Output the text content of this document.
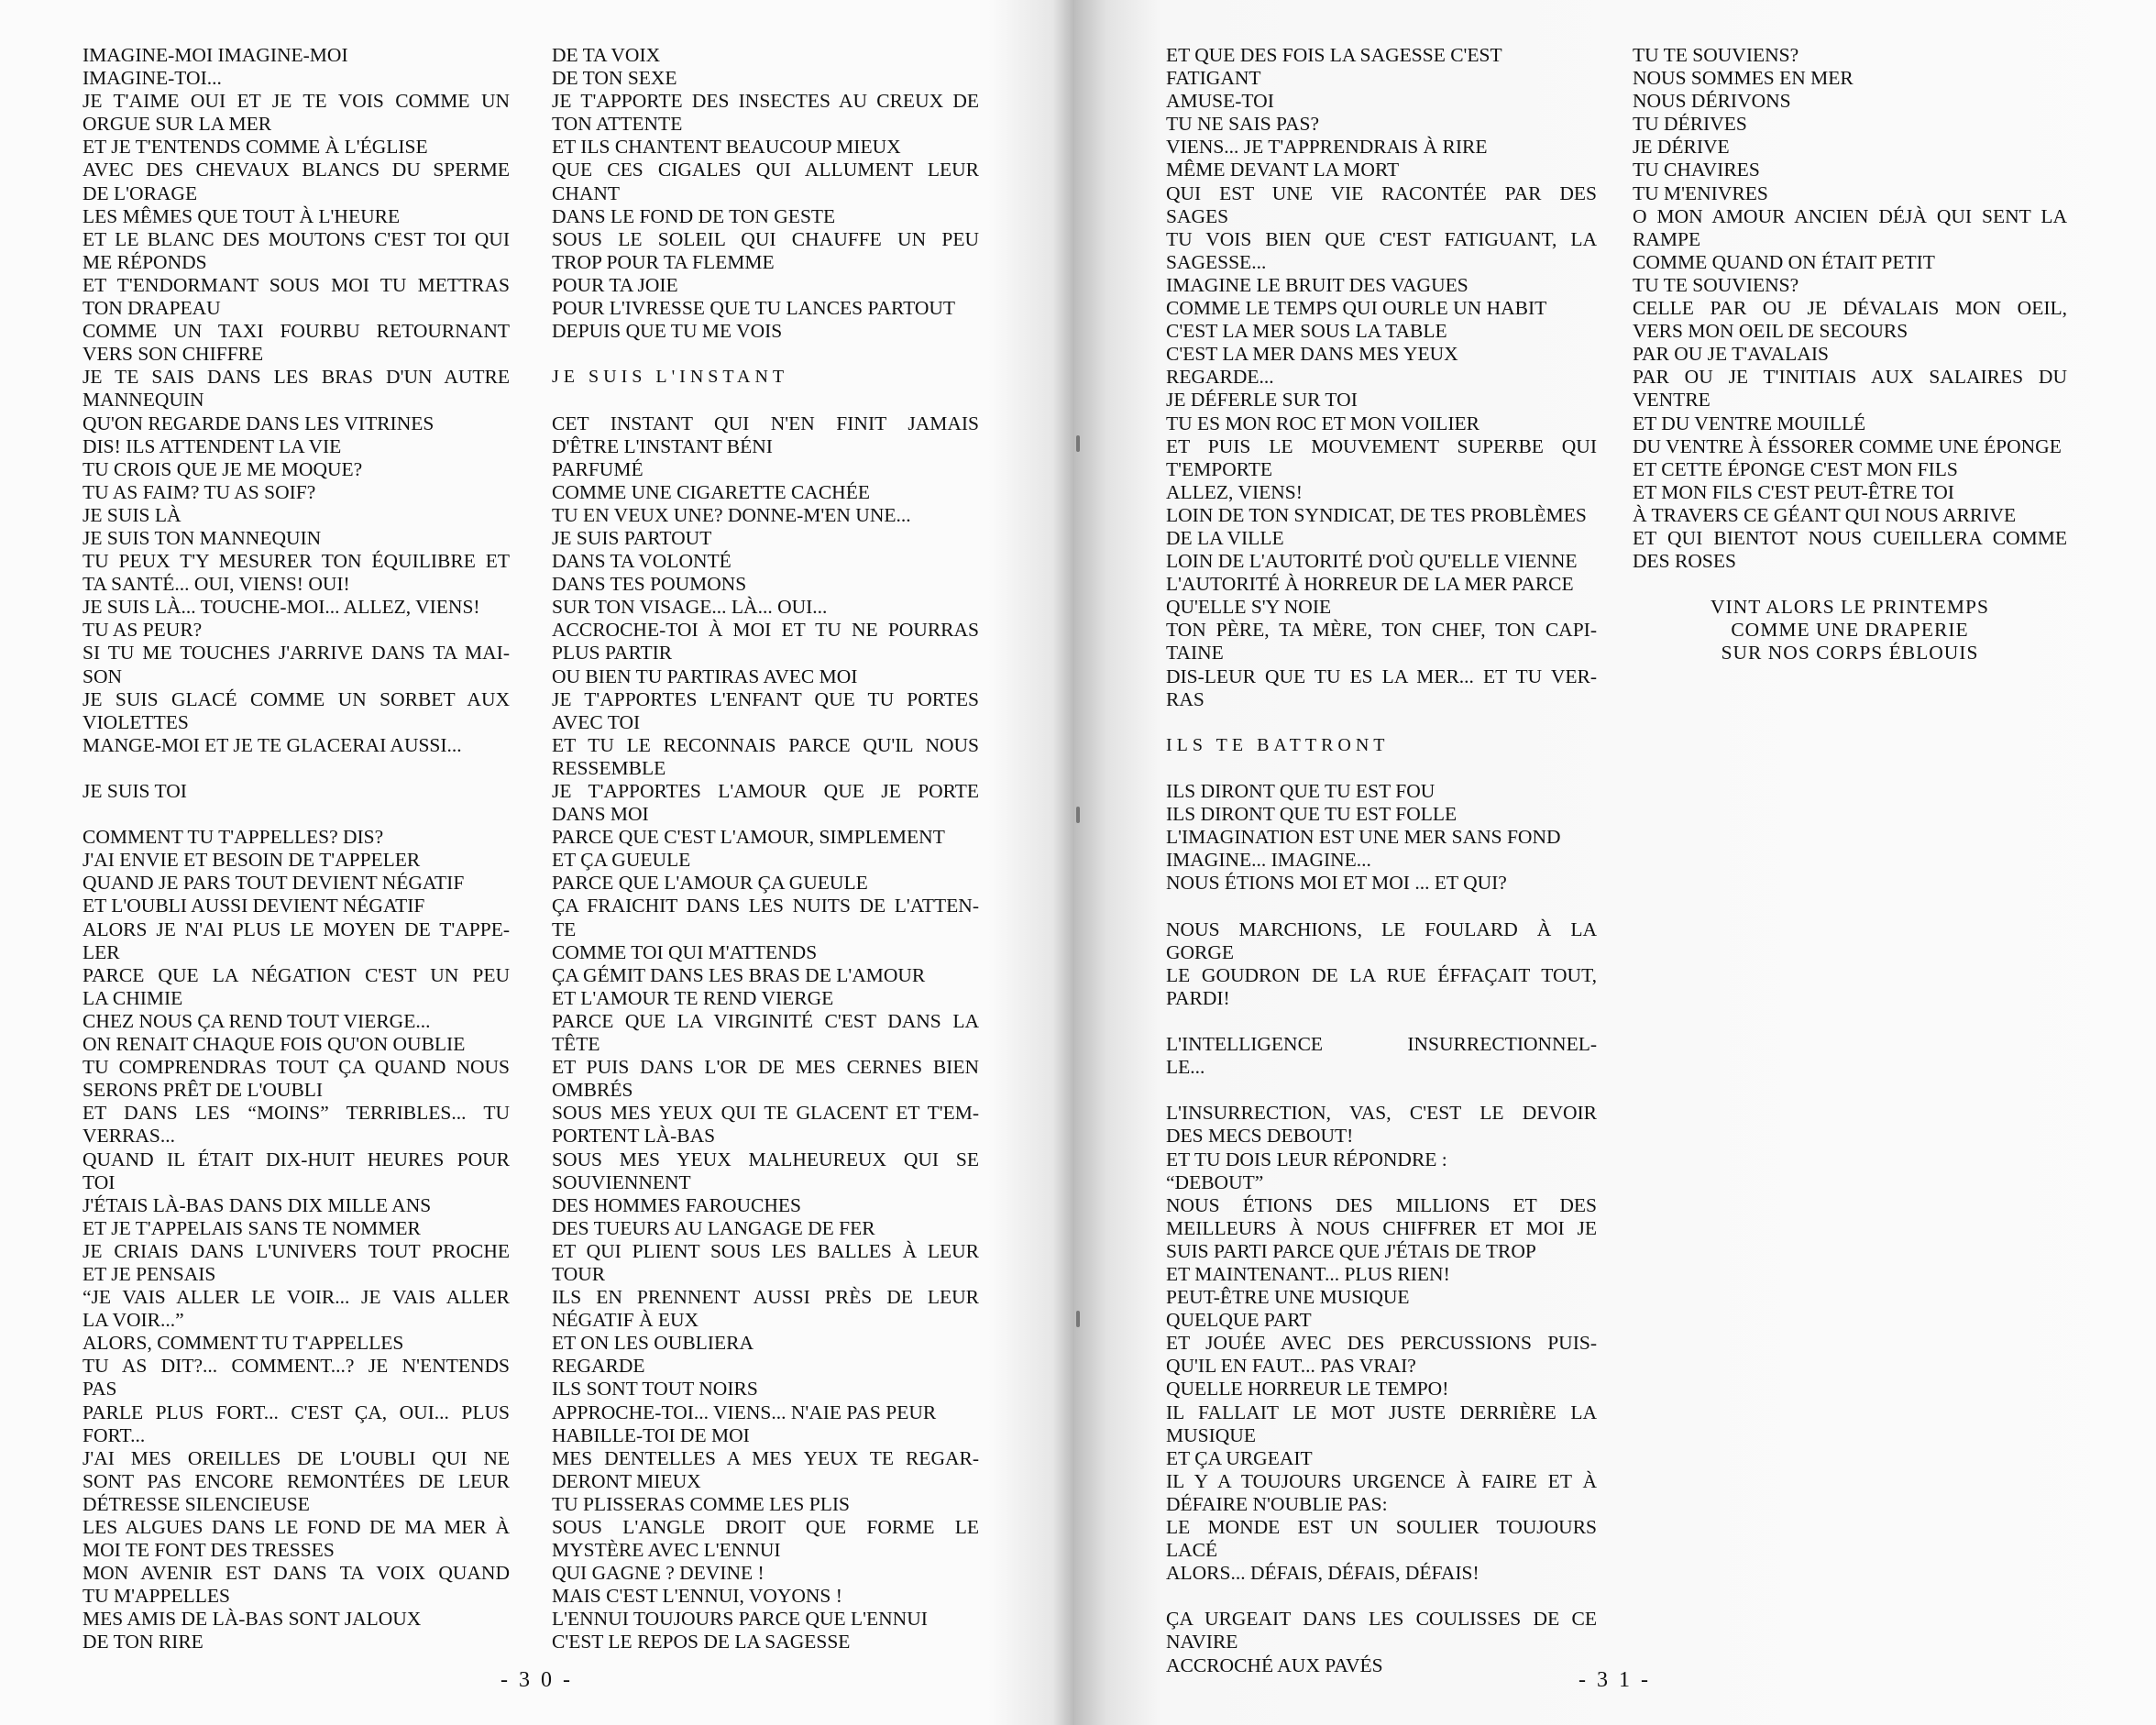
IMAGINE-MOI IMAGINE-MOI

IMAGINE-TOI...

JE T'AIME OUI ET JE TE VOIS COMME UN

ORGUE SUR LA MER

ET JE T'ENTENDS COMME À L'ÉGLISE

AVEC DES CHEVAUX BLANCS DU SPERME

DE L'ORAGE

LES MÊMES QUE TOUT À L'HEURE

ET LE BLANC DES MOUTONS C'EST TOI QUI

ME RÉPONDS

ET T'ENDORMANT SOUS MOI TU METTRAS

TON DRAPEAU

COMME UN TAXI FOURBU RETOURNANT

VERS SON CHIFFRE

JE TE SAIS DANS LES BRAS D'UN AUTRE

MANNEQUIN

QU'ON REGARDE DANS LES VITRINES

DIS! ILS ATTENDENT LA VIE

TU CROIS QUE JE ME MOQUE?

TU AS FAIM? TU AS SOIF?

JE SUIS LÀ

JE SUIS TON MANNEQUIN

TU PEUX T'Y MESURER TON ÉQUILIBRE ET

TA SANTÉ... OUI, VIENS! OUI!

JE SUIS LÀ... TOUCHE-MOI... ALLEZ, VIENS!

TU AS PEUR?

SI TU ME TOUCHES J'ARRIVE DANS TA MAI-

SON

JE SUIS GLACÉ COMME UN SORBET AUX

VIOLETTES

MANGE-MOI ET JE TE GLACERAI AUSSI...

JE SUIS TOI

COMMENT TU T'APPELLES? DIS?

J'AI ENVIE ET BESOIN DE T'APPELER

QUAND JE PARS TOUT DEVIENT NÉGATIF

ET L'OUBLI AUSSI DEVIENT NÉGATIF

ALORS JE N'AI PLUS LE MOYEN DE T'APPE-

LER

PARCE QUE LA NÉGATION C'EST UN PEU

LA CHIMIE

CHEZ NOUS ÇA REND TOUT VIERGE...

ON RENAIT CHAQUE FOIS QU'ON OUBLIE

TU COMPRENDRAS TOUT ÇA QUAND NOUS

SERONS PRÊT DE L'OUBLI

ET DANS LES “MOINS” TERRIBLES... TU

VERRAS...

QUAND IL ÉTAIT DIX-HUIT HEURES POUR

TOI

J'ÉTAIS LÀ-BAS DANS DIX MILLE ANS

ET JE T'APPELAIS SANS TE NOMMER

JE CRIAIS DANS L'UNIVERS TOUT PROCHE

ET JE PENSAIS

“JE VAIS ALLER LE VOIR... JE VAIS ALLER

LA VOIR...”

ALORS, COMMENT TU T'APPELLES

TU AS DIT?... COMMENT...? JE N'ENTENDS

PAS

PARLE PLUS FORT... C'EST ÇA, OUI... PLUS

FORT...

J'AI MES OREILLES DE L'OUBLI QUI NE

SONT PAS ENCORE REMONTÉES DE LEUR

DÉTRESSE SILENCIEUSE

LES ALGUES DANS LE FOND DE MA MER À

MOI TE FONT DES TRESSES

MON AVENIR EST DANS TA VOIX QUAND

TU M'APPELLES

MES AMIS DE LÀ-BAS SONT JALOUX

DE TON RIRE

DE TA VOIX

DE TON SEXE

JE T'APPORTE DES INSECTES AU CREUX DE

TON ATTENTE

ET ILS CHANTENT BEAUCOUP MIEUX

QUE CES CIGALES QUI ALLUMENT LEUR

CHANT

DANS LE FOND DE TON GESTE

SOUS LE SOLEIL QUI CHAUFFE UN PEU

TROP POUR TA FLEMME

POUR TA JOIE

POUR L'IVRESSE QUE TU LANCES PARTOUT

DEPUIS QUE TU ME VOIS

JE SUIS L'INSTANT

CET INSTANT QUI N'EN FINIT JAMAIS

D'ÊTRE L'INSTANT BÉNI

PARFUMÉ

COMME UNE CIGARETTE CACHÉE

TU EN VEUX UNE? DONNE-M'EN UNE...

JE SUIS PARTOUT

DANS TA VOLONTÉ

DANS TES POUMONS

SUR TON VISAGE... LÀ... OUI...

ACCROCHE-TOI À MOI ET TU NE POURRAS

PLUS PARTIR

OU BIEN TU PARTIRAS AVEC MOI

JE T'APPORTES L'ENFANT QUE TU PORTES

AVEC TOI

ET TU LE RECONNAIS PARCE QU'IL NOUS

RESSEMBLE

JE T'APPORTES L'AMOUR QUE JE PORTE

DANS MOI

PARCE QUE C'EST L'AMOUR, SIMPLEMENT

ET ÇA GUEULE

PARCE QUE L'AMOUR ÇA GUEULE

ÇA FRAICHIT DANS LES NUITS DE L'ATTEN-

TE

COMME TOI QUI M'ATTENDS

ÇA GÉMIT DANS LES BRAS DE L'AMOUR

ET L'AMOUR TE REND VIERGE

PARCE QUE LA VIRGINITÉ C'EST DANS LA

TÊTE

ET PUIS DANS L'OR DE MES CERNES BIEN

OMBRÉS

SOUS MES YEUX QUI TE GLACENT ET T'EM-

PORTENT LÀ-BAS

SOUS MES YEUX MALHEUREUX QUI SE

SOUVIENNENT

DES HOMMES FAROUCHES

DES TUEURS AU LANGAGE DE FER

ET QUI PLIENT SOUS LES BALLES À LEUR

TOUR

ILS EN PRENNENT AUSSI PRÈS DE LEUR

NÉGATIF À EUX

ET ON LES OUBLIERA

REGARDE

ILS SONT TOUT NOIRS

APPROCHE-TOI... VIENS... N'AIE PAS PEUR

HABILLE-TOI DE MOI

MES DENTELLES A MES YEUX TE REGAR-

DERONT MIEUX

TU PLISSERAS COMME LES PLIS

SOUS L'ANGLE DROIT QUE FORME LE

MYSTÈRE AVEC L'ENNUI

QUI GAGNE ? DEVINE !

MAIS C'EST L'ENNUI, VOYONS !

L'ENNUI TOUJOURS PARCE QUE L'ENNUI

C'EST LE REPOS DE LA SAGESSE

- 3 0 -

ET QUE DES FOIS LA SAGESSE C'EST FATIGANT

AMUSE-TOI

TU NE SAIS PAS?

VIENS... JE T'APPRENDRAIS À RIRE

MÊME DEVANT LA MORT

QUI EST UNE VIE RACONTÉE PAR DES

SAGES

TU VOIS BIEN QUE C'EST FATIGUANT, LA

SAGESSE...

IMAGINE LE BRUIT DES VAGUES

COMME LE TEMPS QUI OURLE UN HABIT

C'EST LA MER SOUS LA TABLE

C'EST LA MER DANS MES YEUX

REGARDE...

JE DÉFERLE SUR TOI

TU ES MON ROC ET MON VOILIER

ET PUIS LE MOUVEMENT SUPERBE QUI

T'EMPORTE

ALLEZ, VIENS!

LOIN DE TON SYNDICAT, DE TES PROBLÈMES

DE LA VILLE

LOIN DE L'AUTORITÉ D'OÙ QU'ELLE VIENNE

L'AUTORITÉ À HORREUR DE LA MER PARCE

QU'ELLE S'Y NOIE

TON PÈRE, TA MÈRE, TON CHEF, TON CAPI-

TAINE

DIS-LEUR QUE TU ES LA MER... ET TU VER-

RAS

ILS TE BATTRONT

ILS DIRONT QUE TU EST FOU

ILS DIRONT QUE TU EST FOLLE

L'IMAGINATION EST UNE MER SANS FOND

IMAGINE... IMAGINE...

NOUS ÉTIONS MOI ET MOI ... ET QUI?

NOUS MARCHIONS, LE FOULARD À LA

GORGE

LE GOUDRON DE LA RUE ÉFFAÇAIT TOUT,

PARDI!

L'INTELLIGENCE INSURRECTIONNEL-

LE...

L'INSURRECTION, VAS, C'EST LE DEVOIR

DES MECS DEBOUT!

ET TU DOIS LEUR RÉPONDRE :

“DEBOUT”

NOUS ÉTIONS DES MILLIONS ET DES

MEILLEURS À NOUS CHIFFRER ET MOI JE

SUIS PARTI PARCE QUE J'ÉTAIS DE TROP

ET MAINTENANT... PLUS RIEN!

PEUT-ÊTRE UNE MUSIQUE

QUELQUE PART

ET JOUÉE AVEC DES PERCUSSIONS PUIS-

QU'IL EN FAUT... PAS VRAI?

QUELLE HORREUR LE TEMPO!

IL FALLAIT LE MOT JUSTE DERRIÈRE LA

MUSIQUE

ET ÇA URGEAIT

IL Y A TOUJOURS URGENCE À FAIRE ET À

DÉFAIRE N'OUBLIE PAS:

LE MONDE EST UN SOULIER TOUJOURS

LACÉ

ALORS... DÉFAIS, DÉFAIS, DÉFAIS!

ÇA URGEAIT DANS LES COULISSES DE CE

NAVIRE

ACCROCHÉ AUX PAVÉS

TU TE SOUVIENS?

NOUS SOMMES EN MER

NOUS DÉRIVONS

TU DÉRIVES

JE DÉRIVE

TU CHAVIRES

TU M'ENIVRES

O MON AMOUR ANCIEN DÉJÀ QUI SENT LA

RAMPE

COMME QUAND ON ÉTAIT PETIT

TU TE SOUVIENS?

CELLE PAR OU JE DÉVALAIS MON OEIL,

VERS MON OEIL DE SECOURS

PAR OU JE T'AVALAIS

PAR OU JE T'INITIAIS AUX SALAIRES DU

VENTRE

ET DU VENTRE MOUILLÉ

DU VENTRE À ÉSSORER COMME UNE ÉPONGE

ET CETTE ÉPONGE C'EST MON FILS

ET MON FILS C'EST PEUT-ÊTRE TOI

À TRAVERS CE GÉANT QUI NOUS ARRIVE

ET QUI BIENTOT NOUS CUEILLERA COMME

DES ROSES

VINT ALORS LE PRINTEMPS

COMME UNE DRAPERIE

SUR NOS CORPS ÉBLOUIS

- 3 1 -
